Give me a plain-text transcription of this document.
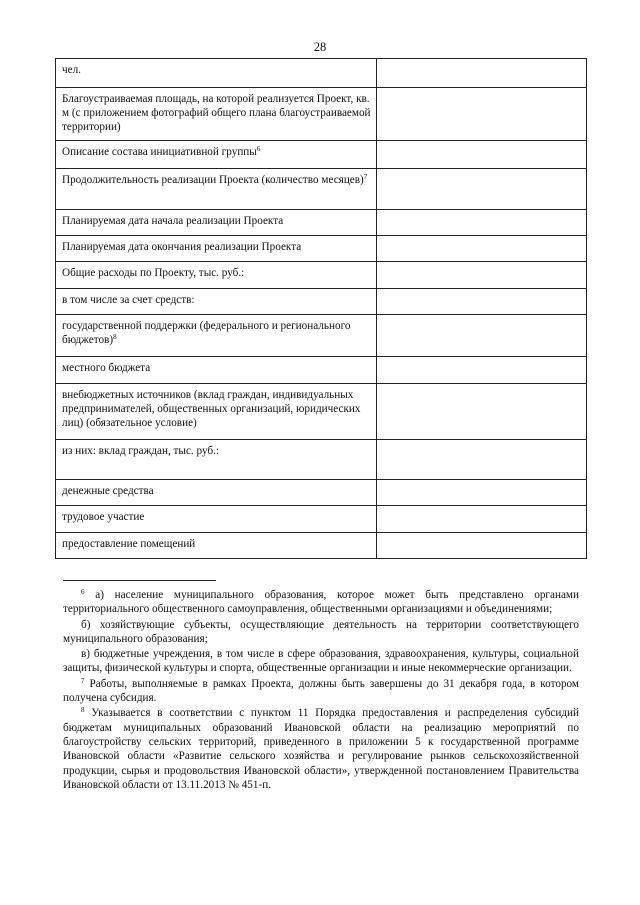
28
чел.	
Благоустраиваемая площадь, на которой реализуется Проект, кв. м (с приложением фотографий общего плана благоустраиваемой территории)	
Описание состава инициативной группы$^6$	
Продолжительность реализации Проекта (количество месяцев)$^7$	
Планируемая дата начала реализации Проекта	
Планируемая дата окончания реализации Проекта	
Общие расходы по Проекту, тыс. руб.:	
в том числе за счет средств:	
государственной поддержки (федерального и регионального бюджетов)$^8$	
местного бюджета	
внебюджетных источников (вклад граждан, индивидуальных предпринимателей, общественных организаций, юридических лиц) (обязательное условие)	
из них: вклад граждан, тыс. руб.:	
денежные средства	
трудовое участие	
предоставление помещений	

$^6$ а) население муниципального образования, которое может быть представлено органами территориального общественного самоуправления, общественными организациями и объединениями;

б) хозяйствующие субъекты, осуществляющие деятельность на территории соответствующего муниципального образования;

в) бюджетные учреждения, в том числе в сфере образования, здравоохранения, культуры, социальной защиты, физической культуры и спорта, общественные организации и иные некоммерческие организации.

$^7$ Работы, выполняемые в рамках Проекта, должны быть завершены до 31 декабря года, в котором получена субсидия.

$^8$ Указывается в соответствии с пунктом 11 Порядка предоставления и распределения субсидий бюджетам муниципальных образований Ивановской области на реализацию мероприятий по благоустройству сельских территорий, приведенного в приложении 5 к государственной программе Ивановской области «Развитие сельского хозяйства и регулирование рынков сельскохозяйственной продукции, сырья и продовольствия Ивановской области», утвержденной постановлением Правительства Ивановской области от 13.11.2013 № 451-п.
